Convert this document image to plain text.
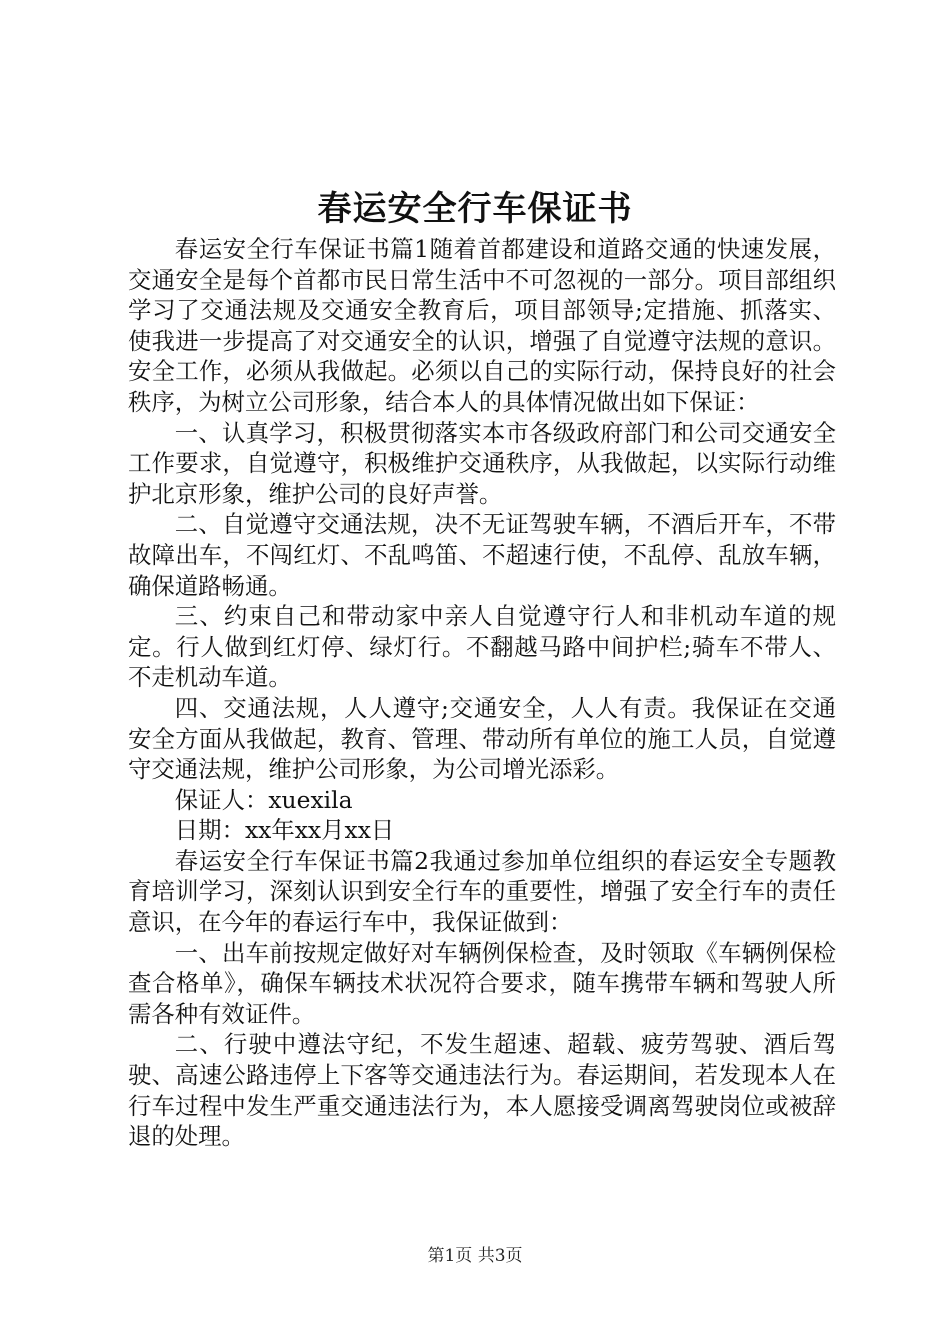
春运安全行车保证书

春运安全行车保证书篇1随着首都建设和道路交通的快速发展，交通安全是每个首都市民日常生活中不可忽视的一部分。项目部组织学习了交通法规及交通安全教育后，项目部领导;定措施、抓落实、使我进一步提高了对交通安全的认识，增强了自觉遵守法规的意识。安全工作，必须从我做起。必须以自己的实际行动，保持良好的社会秩序，为树立公司形象，结合本人的具体情况做出如下保证：

一、认真学习，积极贯彻落实本市各级政府部门和公司交通安全工作要求，自觉遵守，积极维护交通秩序，从我做起，以实际行动维护北京形象，维护公司的良好声誉。

二、自觉遵守交通法规，决不无证驾驶车辆，不酒后开车，不带故障出车，不闯红灯、不乱鸣笛、不超速行使，不乱停、乱放车辆，确保道路畅通。

三、约束自己和带动家中亲人自觉遵守行人和非机动车道的规定。行人做到红灯停、绿灯行。不翻越马路中间护栏;骑车不带人、不走机动车道。

四、交通法规，人人遵守;交通安全，人人有责。我保证在交通安全方面从我做起，教育、管理、带动所有单位的施工人员，自觉遵守交通法规，维护公司形象，为公司增光添彩。

保证人：xuexila

日期：xx年xx月xx日

春运安全行车保证书篇2我通过参加单位组织的春运安全专题教育培训学习，深刻认识到安全行车的重要性，增强了安全行车的责任意识，在今年的春运行车中，我保证做到：

一、出车前按规定做好对车辆例保检查，及时领取《车辆例保检查合格单》，确保车辆技术状况符合要求，随车携带车辆和驾驶人所需各种有效证件。

二、行驶中遵法守纪，不发生超速、超载、疲劳驾驶、酒后驾驶、高速公路违停上下客等交通违法行为。春运期间，若发现本人在行车过程中发生严重交通违法行为，本人愿接受调离驾驶岗位或被辞退的处理。

第1页 共3页
